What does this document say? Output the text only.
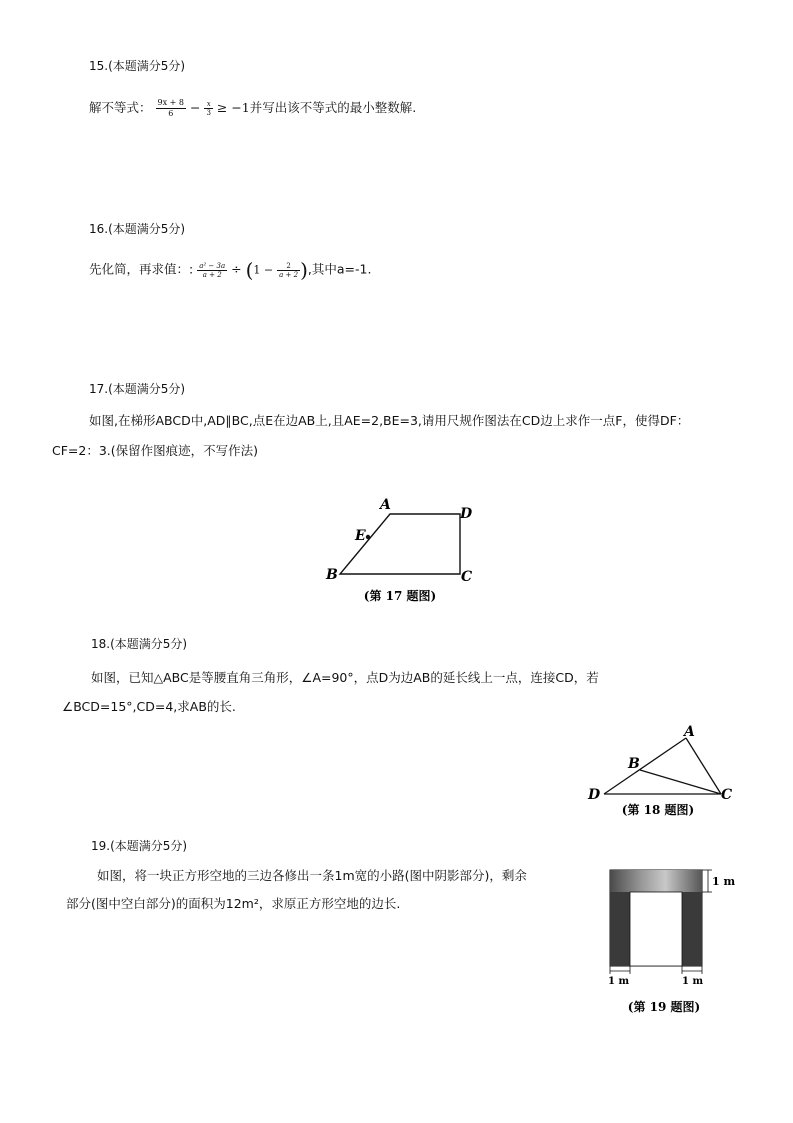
15.(本题满分5分)
解不等式： $\frac{9x + 8}{6} - \frac{x}{3} \ge -1$并写出该不等式的最小整数解.
16.(本题满分5分)
先化简，再求值：: $\frac{\text{a² − 3a}}{a + 2} \div (1 - \frac{2}{a + 2}$ ),其中a=-1.
17.(本题满分5分)
如图,在梯形ABCD中,AD∥BC,点E在边AB上,且AE=2,BE=3,请用尺规作图法在CD边上求作一点F，使得DF：
CF=2：3.(保留作图痕迹，不写作法)
A
D
E
B	C
(第 17 题图)
18.(本题满分5分)
如图，已知△ABC是等腰直角三角形，∠A=90°，点D为边AB的延长线上一点，连接CD，若
∠BCD=15°,CD=4,求AB的长.
A
B
D	C
(第 18 题图)
19.(本题满分5分)
如图，将一块正方形空地的三边各修出一条1m宽的小路(图中阴影部分)，剩余
部分(图中空白部分)的面积为12m²，求原正方形空地的边长.
1 m
1 m	1 m
(第 19 题图)
